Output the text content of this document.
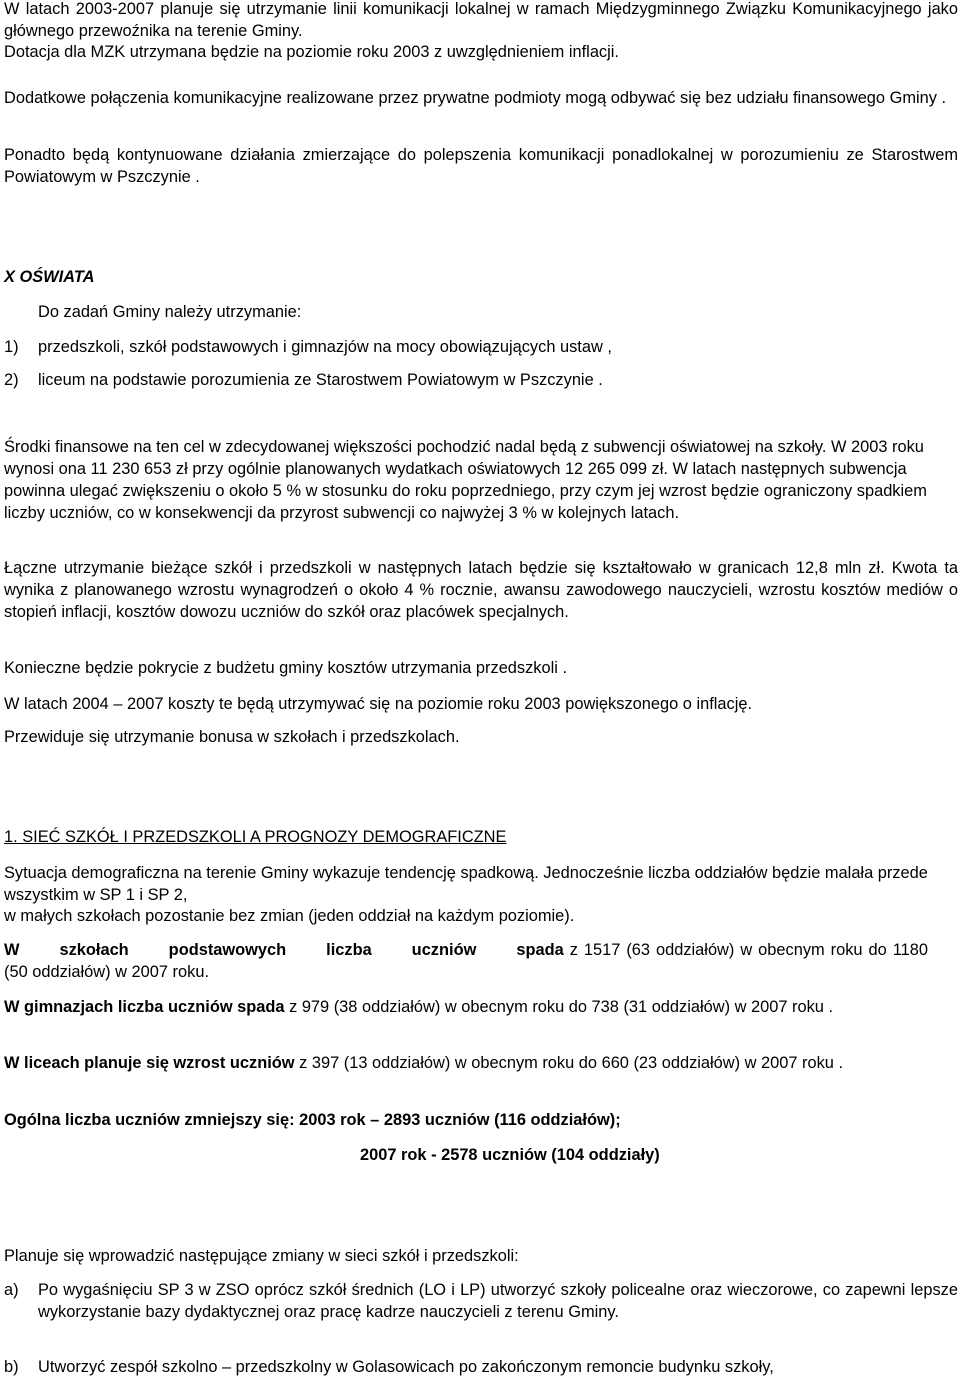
W latach 2003-2007 planuje się utrzymanie linii komunikacji lokalnej w ramach Międzygminnego Związku Komunikacyjnego jako głównego przewoźnika na terenie Gminy.

Dotacja dla MZK utrzymana będzie na poziomie roku 2003 z uwzględnieniem inflacji.

Dodatkowe połączenia komunikacyjne realizowane przez prywatne podmioty mogą odbywać się bez udziału finansowego Gminy .

Ponadto będą kontynuowane działania zmierzające do polepszenia komunikacji ponadlokalnej w porozumieniu ze Starostwem Powiatowym w Pszczynie .

X OŚWIATA

Do zadań Gminy należy utrzymanie:

1) przedszkoli, szkół podstawowych i gimnazjów na mocy obowiązujących ustaw ,
2) liceum na podstawie porozumienia ze Starostwem Powiatowym w Pszczynie .

Środki finansowe na ten cel w zdecydowanej większości pochodzić nadal będą z subwencji oświatowej na szkoły. W 2003 roku wynosi ona 11 230 653 zł przy ogólnie planowanych wydatkach oświatowych 12 265 099 zł. W latach następnych subwencja powinna ulegać zwiększeniu o około 5 % w stosunku do roku poprzedniego, przy czym jej wzrost będzie ograniczony spadkiem liczby uczniów, co w konsekwencji da przyrost subwencji co najwyżej 3 % w kolejnych latach.

Łączne utrzymanie bieżące szkół i przedszkoli w następnych latach będzie się kształtowało w granicach 12,8 mln zł. Kwota ta wynika z planowanego wzrostu wynagrodzeń o około 4 % rocznie, awansu zawodowego nauczycieli, wzrostu kosztów mediów o stopień inflacji, kosztów dowozu uczniów do szkół oraz placówek specjalnych.

Konieczne będzie pokrycie z budżetu gminy kosztów utrzymania przedszkoli .

W latach 2004 – 2007 koszty te będą utrzymywać się na poziomie roku 2003 powiększonego o inflację.

Przewiduje się utrzymanie bonusa w szkołach i przedszkolach.

1. SIEĆ SZKÓŁ I PRZEDSZKOLI A PROGNOZY DEMOGRAFICZNE

Sytuacja demograficzna na terenie Gminy wykazuje tendencję spadkową. Jednocześnie liczba oddziałów będzie malała przede wszystkim w SP 1 i SP 2,

w małych szkołach pozostanie bez zmian (jeden oddział na każdym poziomie).

W szkołach podstawowych liczba uczniów spada z 1517 (63 oddziałów) w obecnym roku do 1180 (50 oddziałów) w 2007 roku.

W gimnazjach liczba uczniów spada z 979 (38 oddziałów) w obecnym roku do 738 (31 oddziałów) w 2007 roku .

W liceach planuje się wzrost uczniów z 397 (13 oddziałów) w obecnym roku do 660 (23 oddziałów) w 2007 roku .

Ogólna liczba uczniów zmniejszy się: 2003 rok – 2893 uczniów (116 oddziałów);

2007 rok - 2578 uczniów (104 oddziały)

Planuje się wprowadzić następujące zmiany w sieci szkół i przedszkoli:

a) Po wygaśnięciu SP 3 w ZSO oprócz szkół średnich (LO i LP) utworzyć szkoły policealne oraz wieczorowe, co zapewni lepsze wykorzystanie bazy dydaktycznej oraz pracę kadrze nauczycieli z terenu Gminy.
b) Utworzyć zespół szkolno – przedszkolny w Golasowicach po zakończonym remoncie budynku szkoły,
